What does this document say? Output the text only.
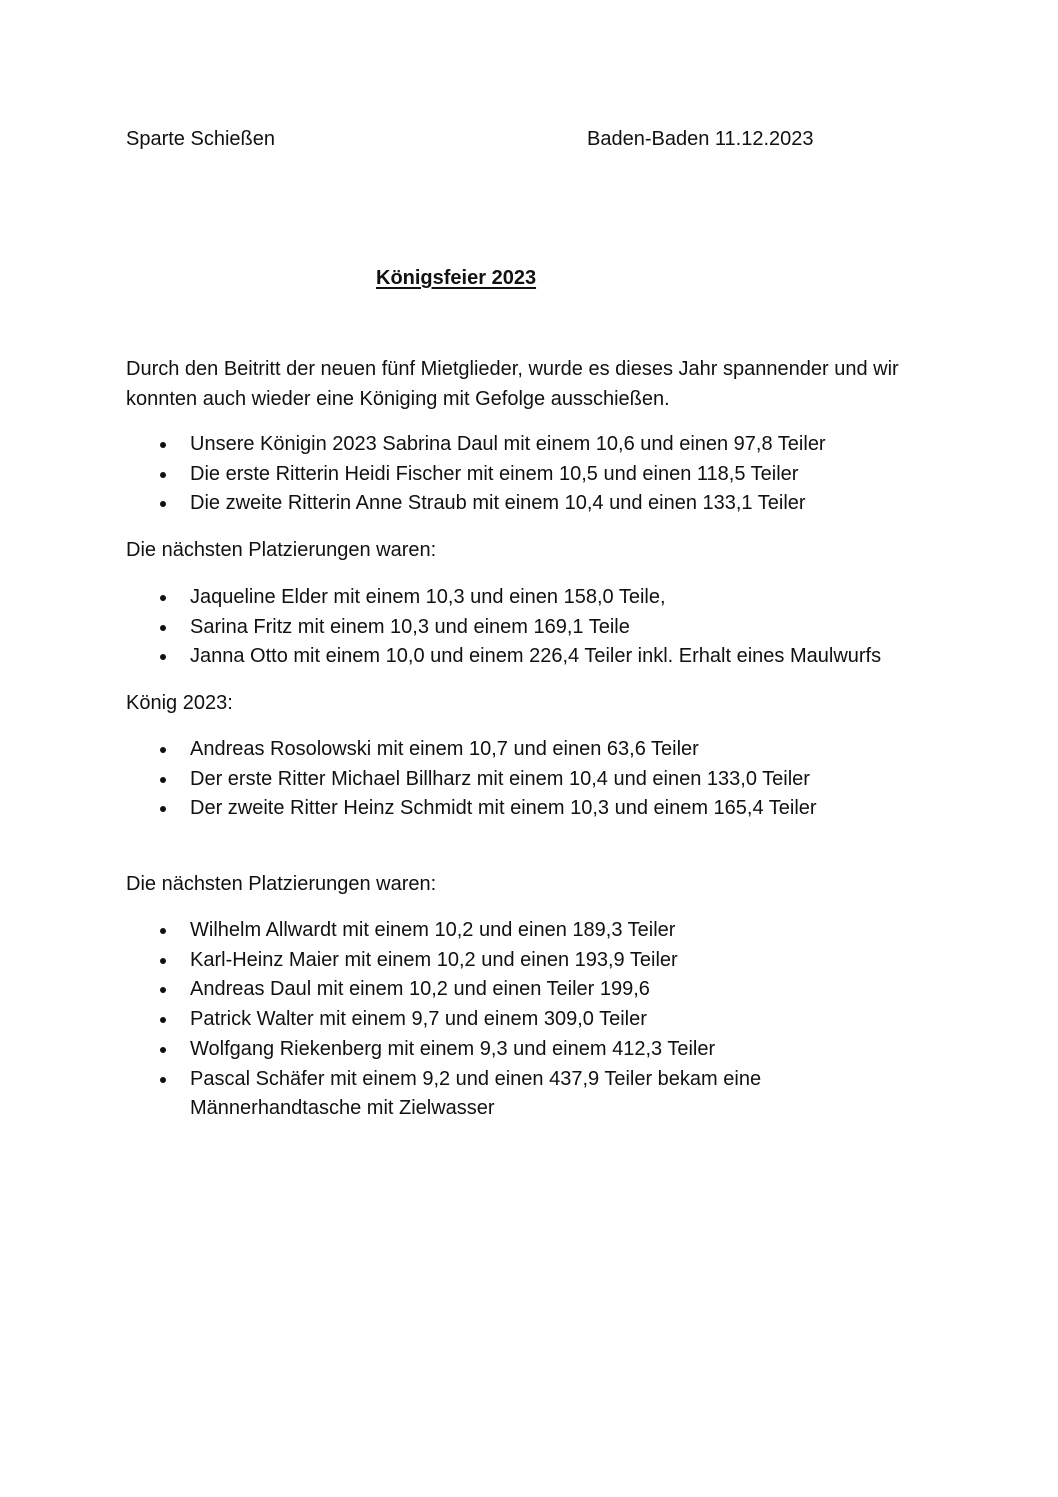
Sparte Schießen	Baden-Baden 11.12.2023
Königsfeier 2023

Durch den Beitritt der neuen fünf Mietglieder, wurde es dieses Jahr spannender und wir konnten auch wieder eine Königing mit Gefolge ausschießen.

Unsere Königin 2023 Sabrina Daul mit einem 10,6 und einen 97,8 Teiler
Die erste Ritterin Heidi Fischer mit einem 10,5 und einen 118,5 Teiler
Die zweite Ritterin Anne Straub mit einem 10,4 und einen 133,1 Teiler

Die nächsten Platzierungen waren:

Jaqueline Elder mit einem 10,3 und einen 158,0 Teile,
Sarina Fritz mit einem 10,3 und einem 169,1 Teile
Janna Otto mit einem 10,0 und einem 226,4 Teiler inkl. Erhalt eines Maulwurfs

König 2023:

Andreas Rosolowski mit einem 10,7 und einen 63,6 Teiler
Der erste Ritter Michael Billharz mit einem 10,4 und einen 133,0 Teiler
Der zweite Ritter Heinz Schmidt mit einem 10,3 und einem 165,4 Teiler

Die nächsten Platzierungen waren:

Wilhelm Allwardt mit einem 10,2 und einen 189,3 Teiler
Karl-Heinz Maier mit einem 10,2 und einen 193,9 Teiler
Andreas Daul mit einem 10,2 und einen Teiler 199,6
Patrick Walter mit einem 9,7 und einem 309,0 Teiler
Wolfgang Riekenberg mit einem 9,3 und einem 412,3 Teiler
Pascal Schäfer mit einem 9,2 und einen 437,9 Teiler bekam eine Männerhandtasche mit Zielwasser
